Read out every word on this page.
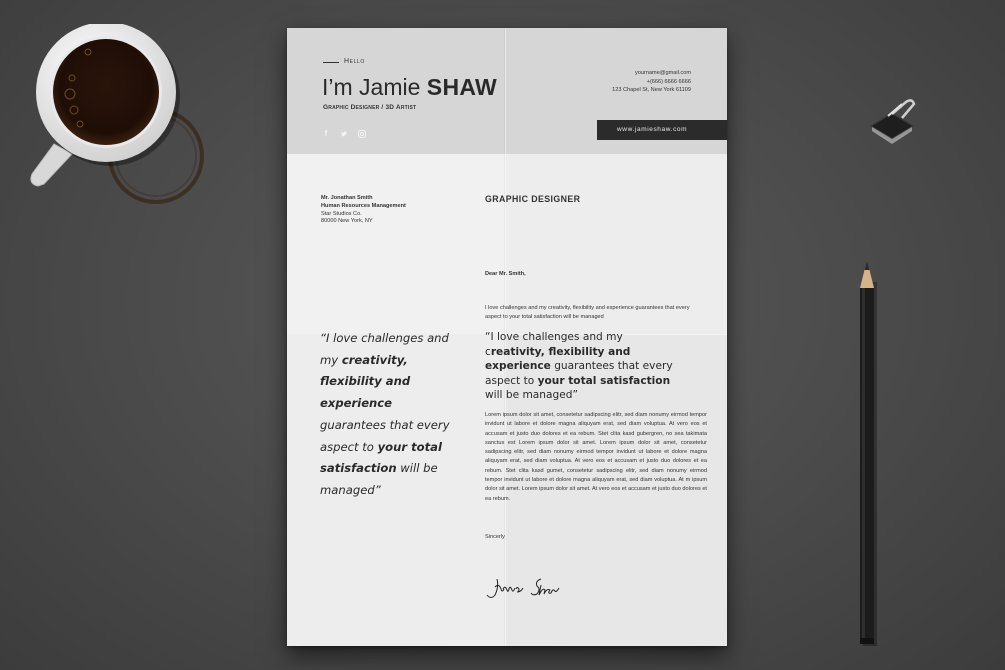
Hello
I’m Jamie SHAW
Graphic Designer / 3D Artist
f
yourname@gmail.com
+(666) 6666 6666
123 Chapel St, New York 61109
www.jamieshaw.com
Mr. Jonathan Smith
Human Resources Management
Star Studios Co.
80000 New York, NY
GRAPHIC DESIGNER
Dear Mr. Smith,
I love challenges and my creativity, flexibility and experience guarantees that every aspect to your total satisfaction will be managed
“I love challenges and my creativity, flexibility and experience guarantees that every aspect to your total satisfaction will be managed”
“I love challenges and my creativity, flexibility and experience guarantees that every aspect to your total satisfaction will be managed”
Lorem ipsum dolor sit amet, consetetur sadipscing elitr, sed diam nonumy eirmod tempor invidunt ut labore et dolore magna aliquyam erat, sed diam voluptua. At vero eos et accusam et justo duo dolores et ea rebum. Stet clita kasd gubergren, no sea takimata sanctus est Lorem ipsum dolor sit amet. Lorem ipsum dolor sit amet, consetetur sadipscing elitr, sed diam nonumy eirmod tempor invidunt ut labore et dolore magna aliquyam erat, sed diam voluptua. At vero eos et accusam et justo duo dolores et ea rebum. Stet clita kasd gumet, consetetur sadipscing elitr, sed diam nonumy eirmod tempor invidunt ut labore et dolore magna aliquyam erat, sed diam voluptua. At m ipsum dolor sit amet. Lorem ipsum dolor sit amet. At vero eos et accusam et justo duo dolores et ea rebum.
Sincerly
